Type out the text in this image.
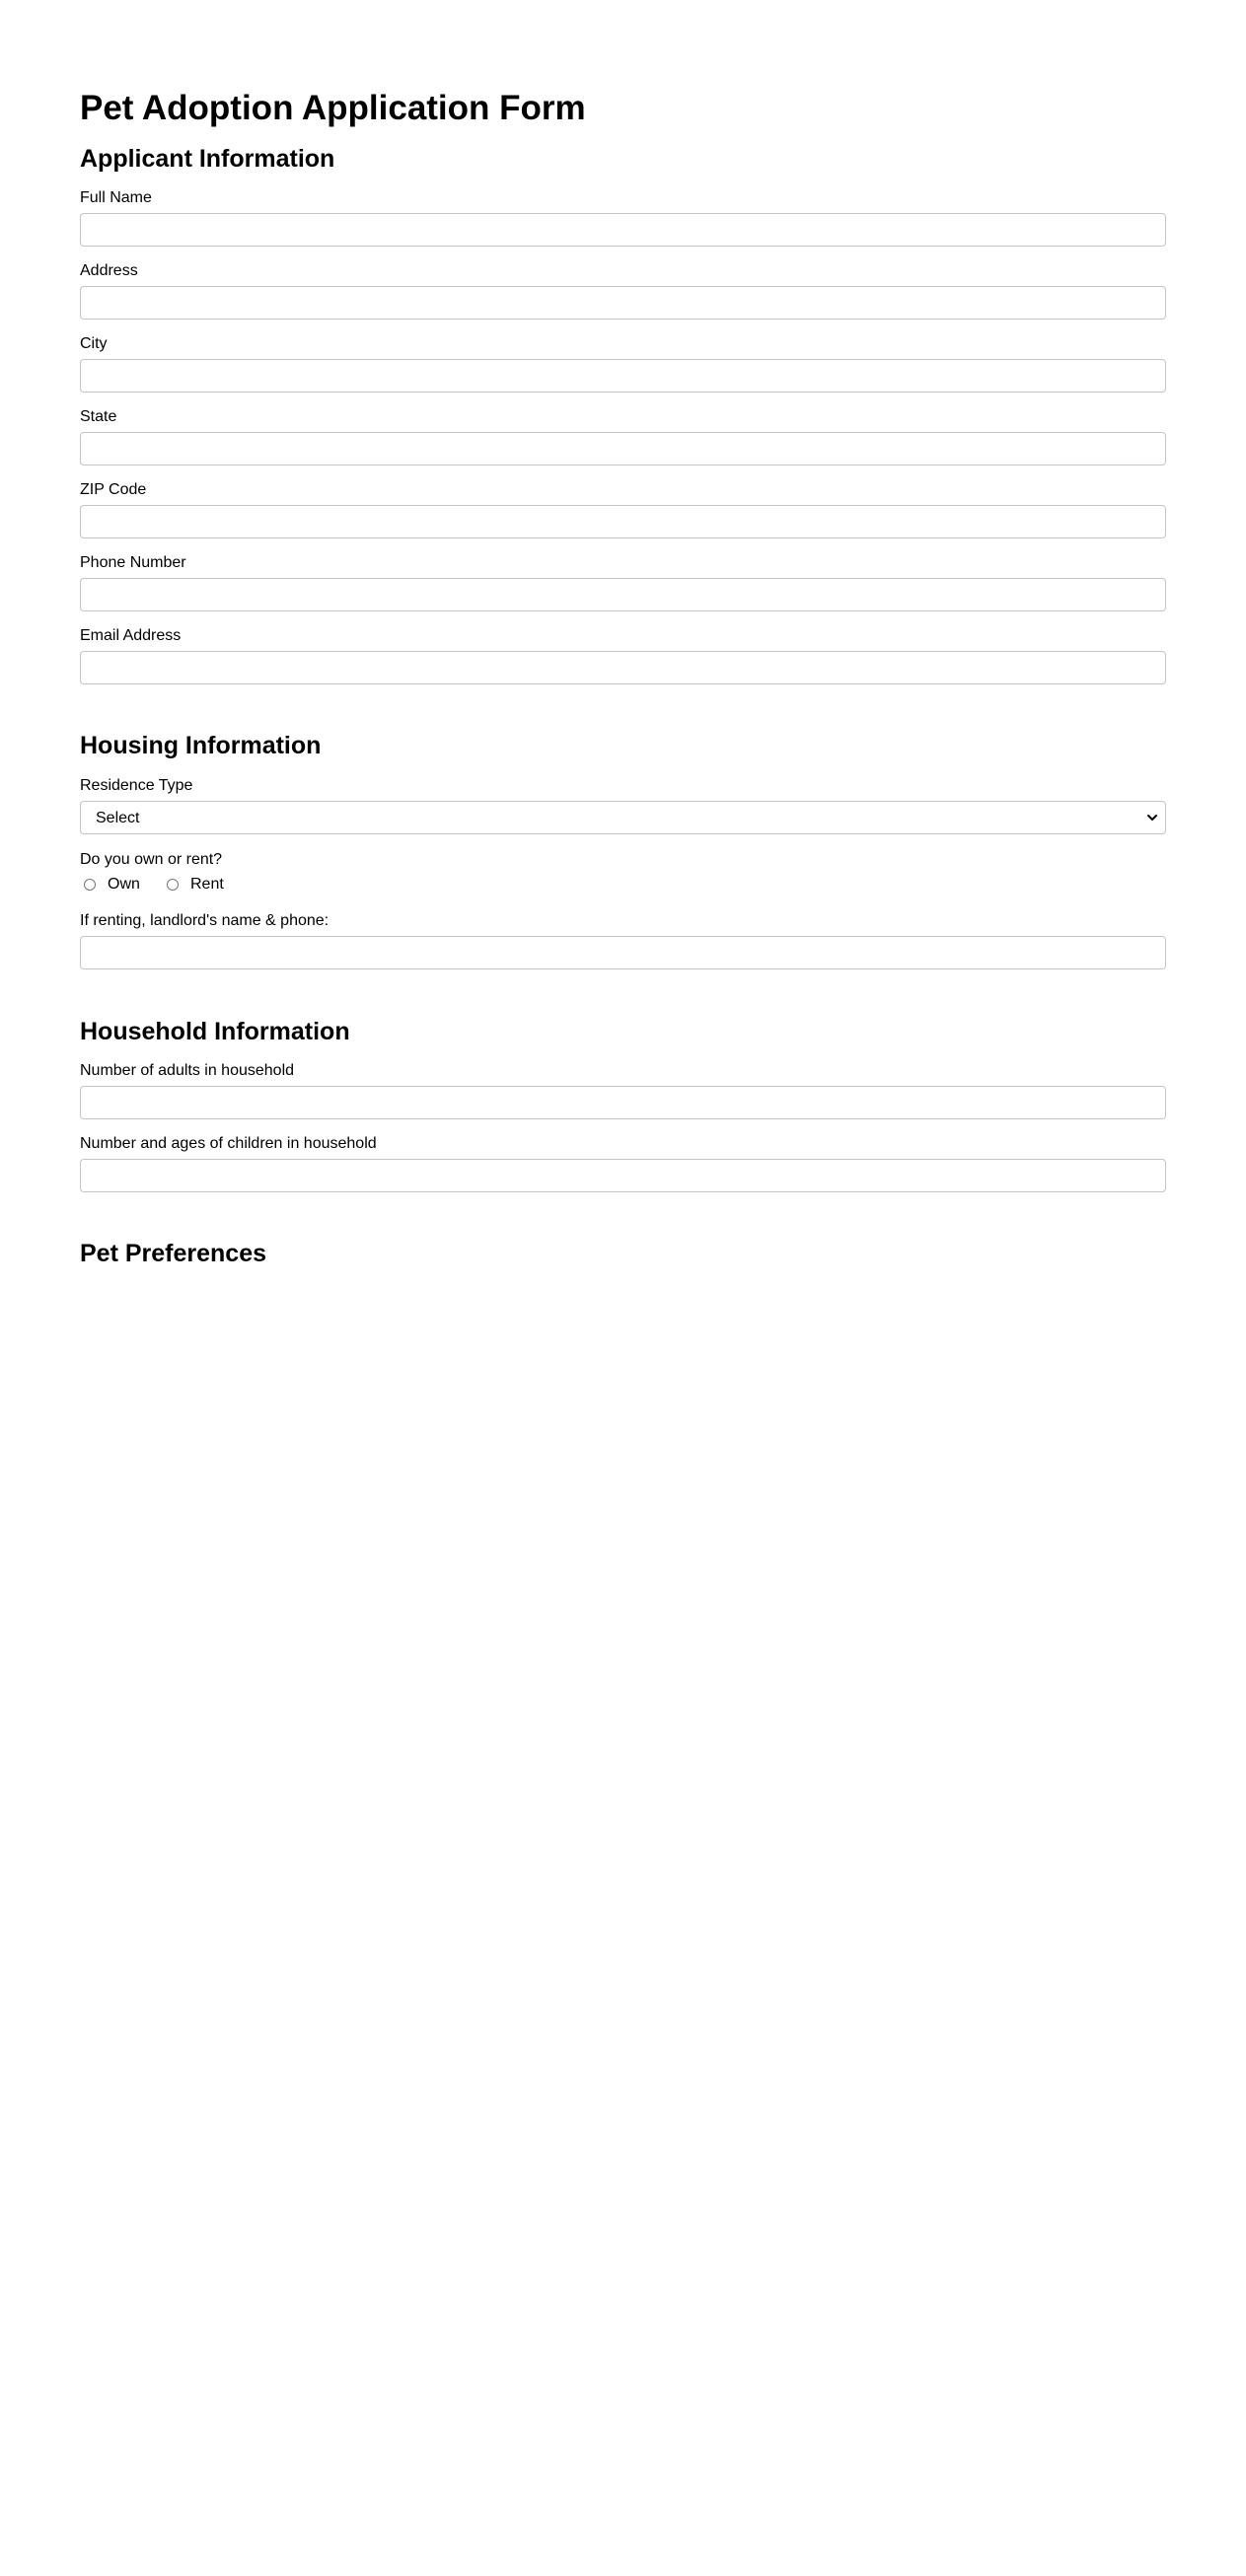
Pet Adoption Application Form
Applicant Information
Full Name
Address
City
State
ZIP Code
Phone Number
Email Address
Housing Information
Residence Type
Select
Do you own or rent?
Own	Rent
If renting, landlord's name & phone:
Household Information
Number of adults in household
Number and ages of children in household
Pet Preferences
